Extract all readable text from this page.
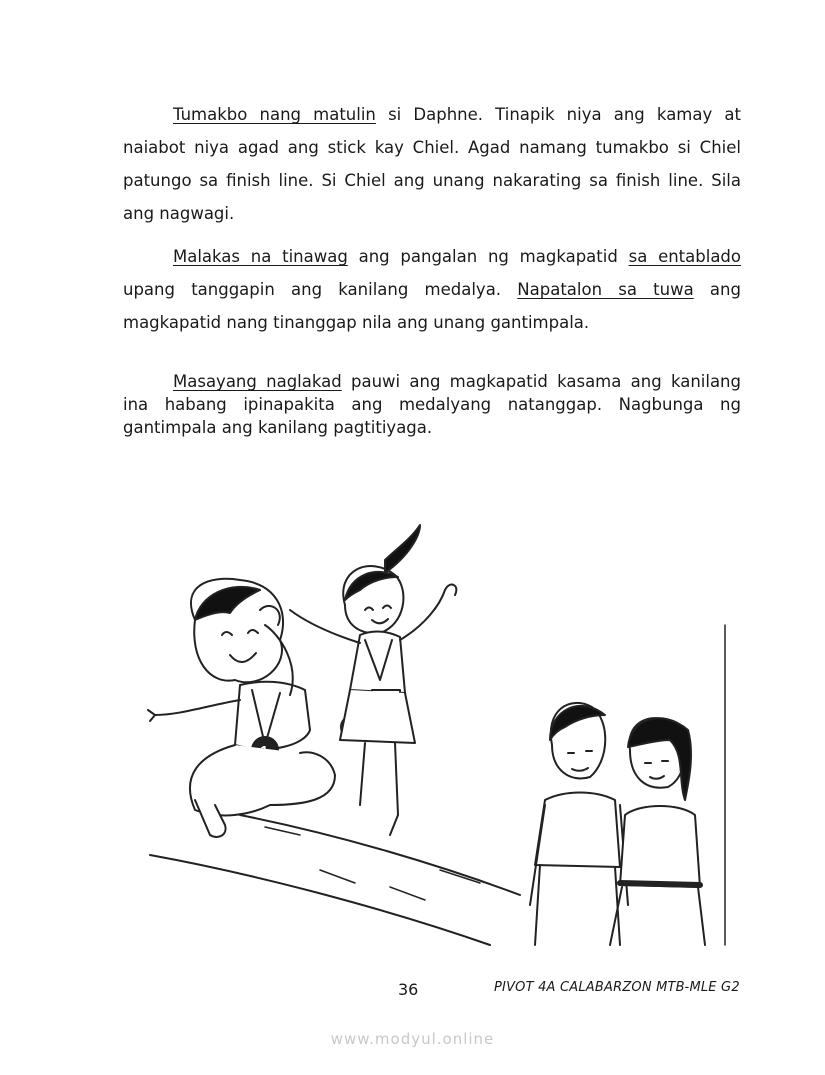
Tumakbo nang matulin si Daphne. Tinapik niya ang kamay at naiabot niya agad ang stick kay Chiel. Agad namang tumakbo si Chiel patungo sa finish line. Si Chiel ang unang nakarating sa finish line. Sila ang nagwagi.

Malakas na tinawag ang pangalan ng magkapatid sa entablado upang tanggapin ang kanilang medalya. Napatalon sa tuwa ang magkapatid nang tinanggap nila ang unang gantimpala.

Masayang naglakad pauwi ang magkapatid kasama ang kanilang ina habang ipinapakita ang medalyang natanggap. Nagbunga ng gantimpala ang kanilang pagtitiyaga.

36	PIVOT 4A CALABARZON MTB-MLE G2
www.modyul.online
